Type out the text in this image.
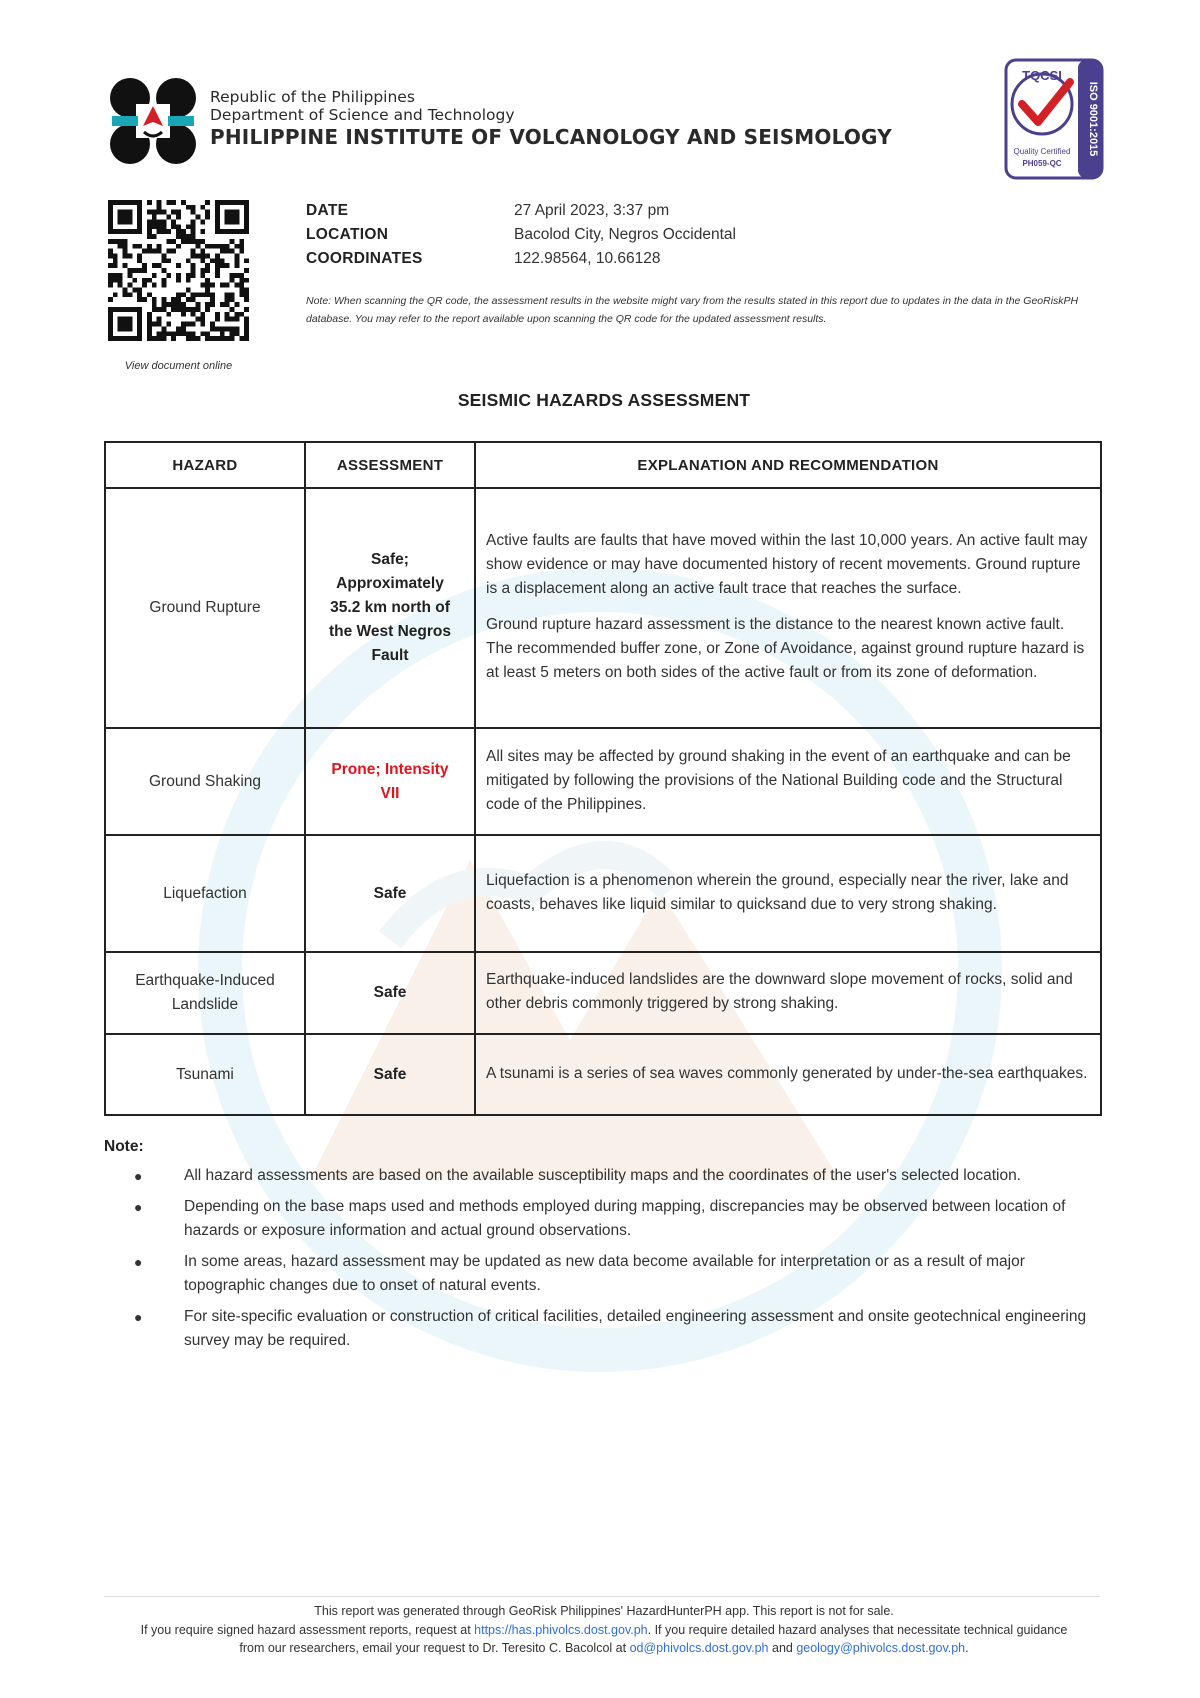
Republic of the Philippines
Department of Science and Technology
PHILIPPINE INSTITUTE OF VOLCANOLOGY AND SEISMOLOGY
TQCSI
Quality Certified
PH059-QC
ISO 9001:2015
View document online
DATE	27 April 2023, 3:37 pm
LOCATION	Bacolod City, Negros Occidental
COORDINATES	122.98564, 10.66128
Note: When scanning the QR code, the assessment results in the website might vary from the results stated in this report due to updates in the data in the GeoRiskPH database. You may refer to the report available upon scanning the QR code for the updated assessment results.
SEISMIC HAZARDS ASSESSMENT
HAZARD	ASSESSMENT	EXPLANATION AND RECOMMENDATION
Ground Rupture	Safe; Approximately 35.2 km north of the West Negros Fault	Active faults are faults that have moved within the last 10,000 years. An active fault may show evidence or may have documented history of recent movements. Ground rupture is a displacement along an active fault trace that reaches the surface.

Ground rupture hazard assessment is the distance to the nearest known active fault. The recommended buffer zone, or Zone of Avoidance, against ground rupture hazard is at least 5 meters on both sides of the active fault or from its zone of deformation.

Ground Shaking	Prone; Intensity VII	All sites may be affected by ground shaking in the event of an earthquake and can be mitigated by following the provisions of the National Building code and the Structural code of the Philippines.

Liquefaction	Safe	Liquefaction is a phenomenon wherein the ground, especially near the river, lake and coasts, behaves like liquid similar to quicksand due to very strong shaking.

Earthquake-Induced Landslide	Safe	Earthquake-induced landslides are the downward slope movement of rocks, solid and other debris commonly triggered by strong shaking.

Tsunami	Safe	A tsunami is a series of sea waves commonly generated by under-the-sea earthquakes.

Note:
●	All hazard assessments are based on the available susceptibility maps and the coordinates of the user's selected location.
●	Depending on the base maps used and methods employed during mapping, discrepancies may be observed between location of hazards or exposure information and actual ground observations.
●	In some areas, hazard assessment may be updated as new data become available for interpretation or as a result of major topographic changes due to onset of natural events.
●	For site-specific evaluation or construction of critical facilities, detailed engineering assessment and onsite geotechnical engineering survey may be required.
This report was generated through GeoRisk Philippines' HazardHunterPH app. This report is not for sale.
If you require signed hazard assessment reports, request at https://has.phivolcs.dost.gov.ph. If you require detailed hazard analyses that necessitate technical guidance
from our researchers, email your request to Dr. Teresito C. Bacolcol at od@phivolcs.dost.gov.ph and geology@phivolcs.dost.gov.ph.
